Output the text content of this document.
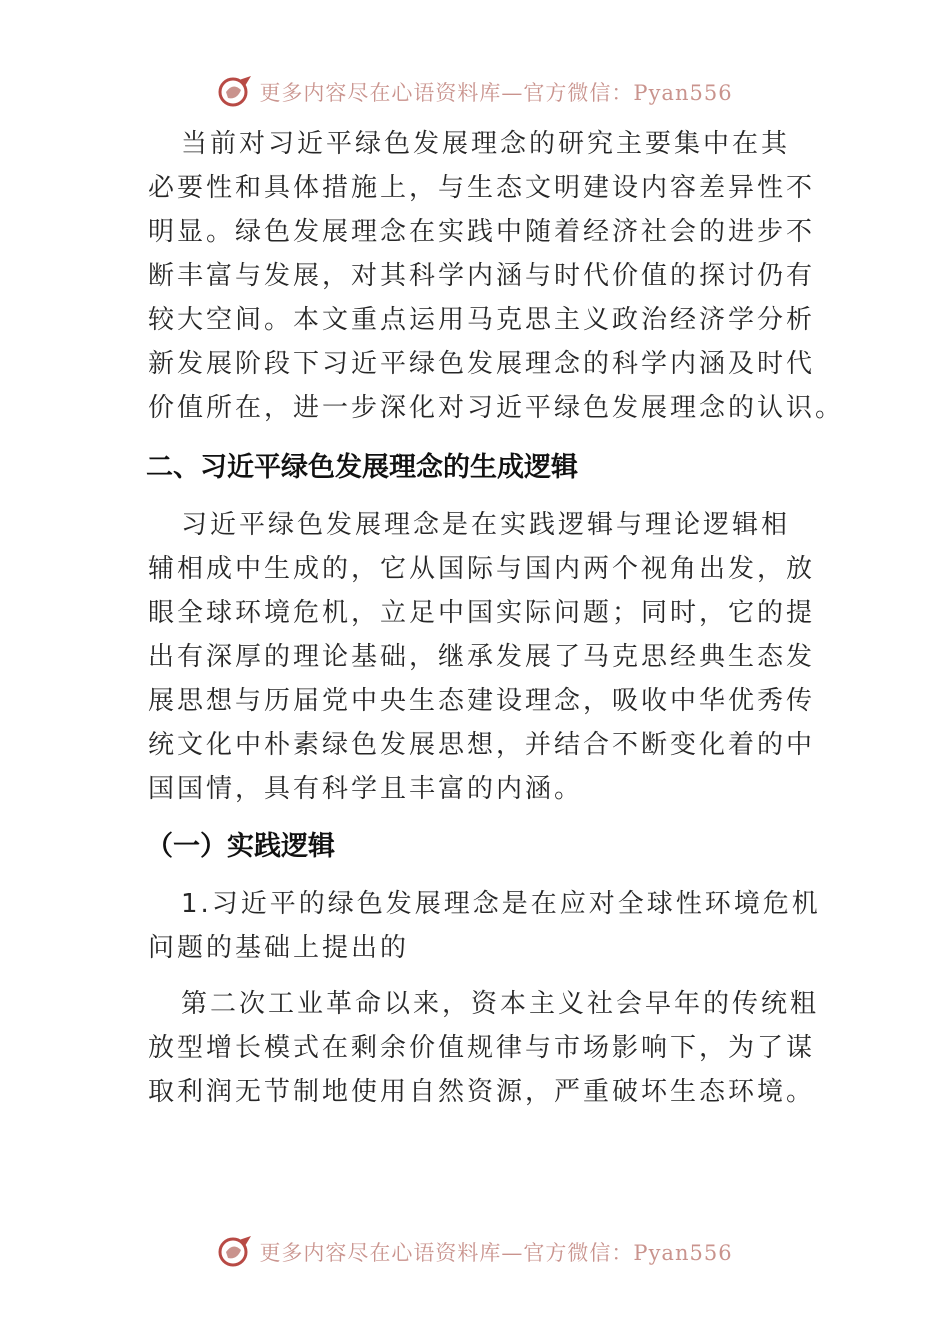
更多内容尽在心语资料库—官方微信：Pyan556
当前对习近平绿色发展理念的研究主要集中在其
必要性和具体措施上，与生态文明建设内容差异性不
明显。绿色发展理念在实践中随着经济社会的进步不
断丰富与发展，对其科学内涵与时代价值的探讨仍有
较大空间。本文重点运用马克思主义政治经济学分析
新发展阶段下习近平绿色发展理念的科学内涵及时代
价值所在，进一步深化对习近平绿色发展理念的认识。
二、习近平绿色发展理念的生成逻辑
习近平绿色发展理念是在实践逻辑与理论逻辑相
辅相成中生成的，它从国际与国内两个视角出发，放
眼全球环境危机，立足中国实际问题；同时，它的提
出有深厚的理论基础，继承发展了马克思经典生态发
展思想与历届党中央生态建设理念，吸收中华优秀传
统文化中朴素绿色发展思想，并结合不断变化着的中
国国情，具有科学且丰富的内涵。
（一）实践逻辑
1.习近平的绿色发展理念是在应对全球性环境危机
问题的基础上提出的
第二次工业革命以来，资本主义社会早年的传统粗
放型增长模式在剩余价值规律与市场影响下，为了谋
取利润无节制地使用自然资源，严重破坏生态环境。
更多内容尽在心语资料库—官方微信：Pyan556
